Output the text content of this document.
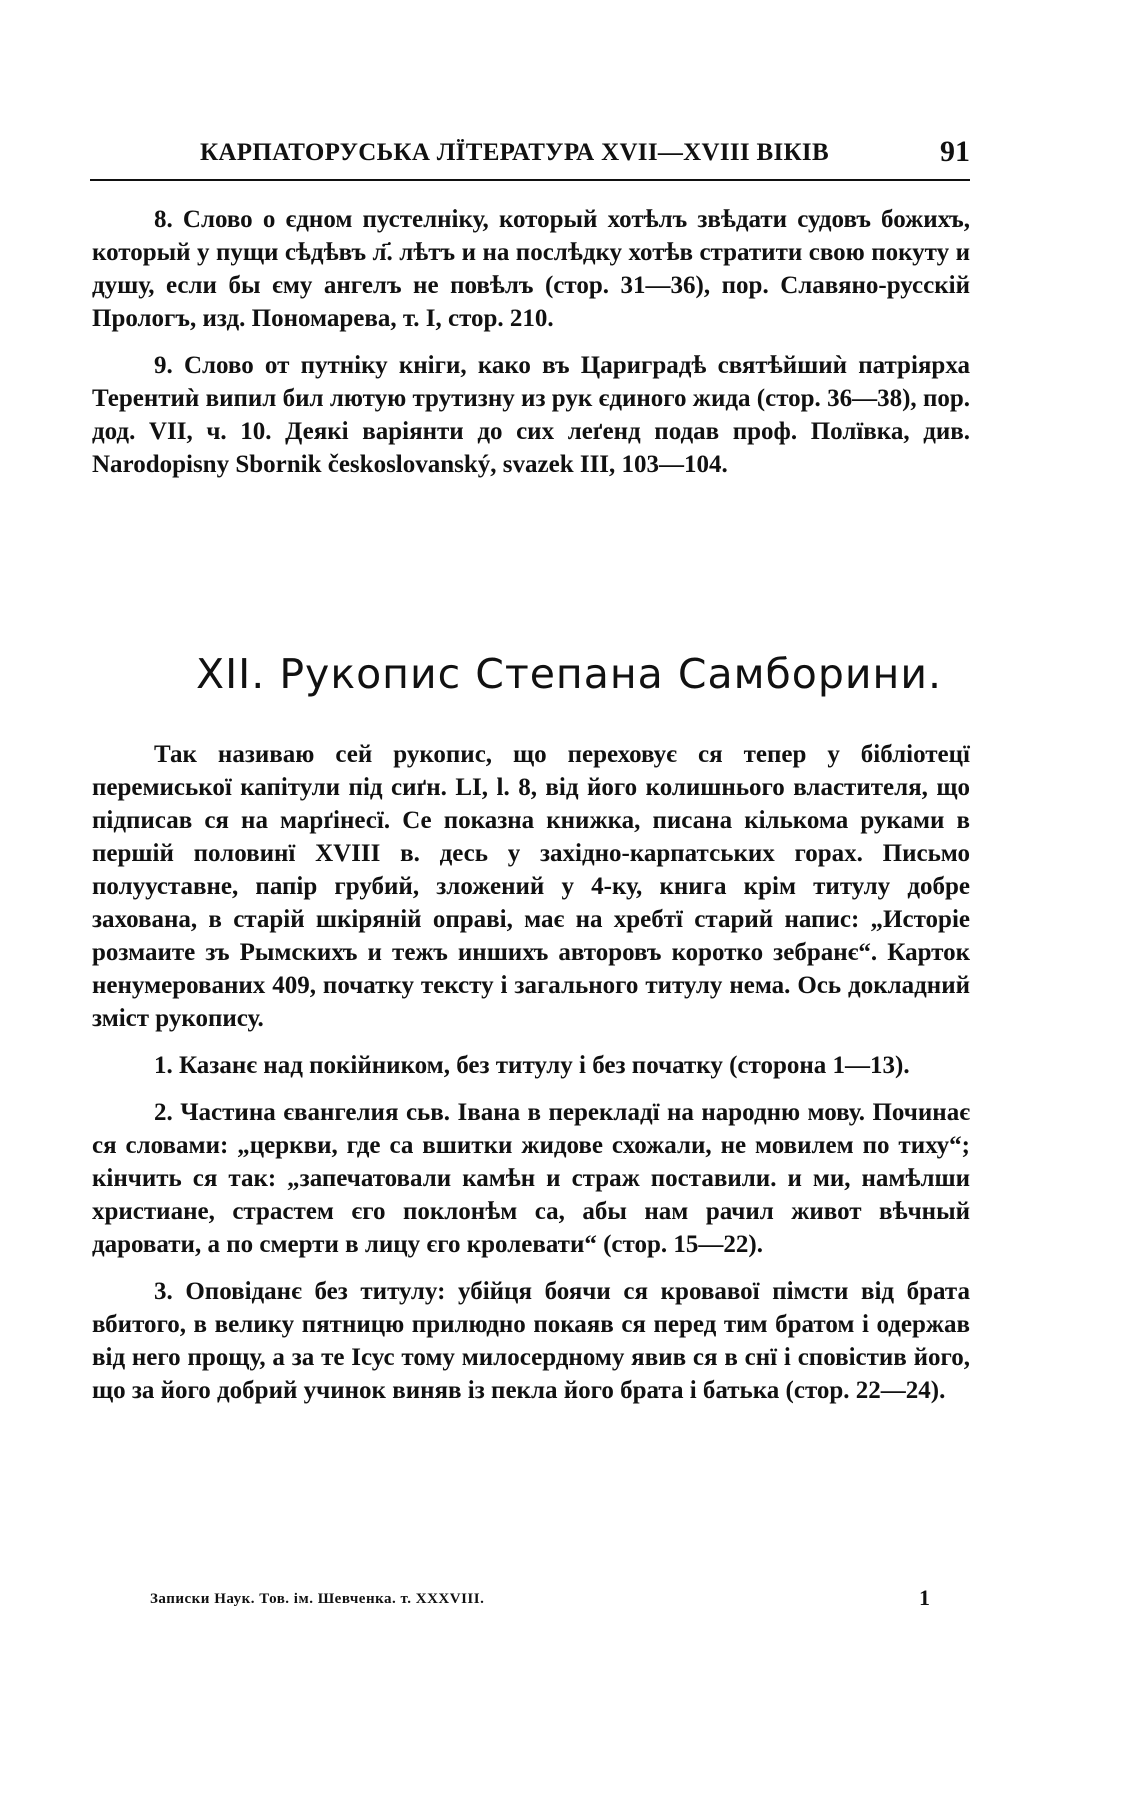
КАРПАТОРУСЬКА ЛЇТЕРАТУРА XVII—XVIII ВІКІВ	91

8. Слово о єдном пустелніку, который хотѣлъ звѣдати судовъ божихъ, который у пущи сѣдѣвъ л҃. лѣтъ и на послѣдку хотѣв стратити свою покуту и душу, если бы єму ангелъ не повѣлъ (стор. 31—36), пор. Славяно-русскій Прологъ, изд. Пономарева, т. I, стор. 210.

9. Слово от путніку кніги, како въ Цариградѣ святѣйшиѝ патріярха Терентиѝ випил бил лютую трутизну из рук єдиного жида (стор. 36—38), пор. дод. VII, ч. 10. Деякі варіянти до сих леґенд подав проф. Полївка, див. Narodopisny Sbornik českoslovanský, svazek III, 103—104.

XII. Рукопис Степана Самборини.

Так називаю сей рукопис, що переховує ся тепер у бібліотецї перемиської капітули під сиґн. LI, l. 8, від його колишнього властителя, що підписав ся на марґінесї. Се показна книжка, писана кількома руками в першій половинї XVIII в. десь у західно-карпатських горах. Письмо полууставне, папір грубий, зложений у 4-ку, книга крім титулу добре захована, в старій шкіряній оправі, має на хребтї старий напис: „Исторіе розмаите зъ Рымскихъ и тежъ иншихъ авторовъ коротко зебранє“. Карток ненумерованих 409, початку тексту і загального титулу нема. Ось докладний зміст рукопису.

1. Казанє над покійником, без титулу і без початку (сторона 1—13).

2. Частина євангелия сьв. Івана в перекладї на народню мову. Починає ся словами: „церкви, где са вшитки жидове схожали, не мовилем по тиху“; кінчить ся так: „запечатовали камѣн и страж поставили. и ми, намѣлши христиане, страстем єго поклонѣм са, абы нам рачил живот вѣчный даровати, а по смерти в лицу єго кролевати“ (стор. 15—22).

3. Оповіданє без титулу: убійця боячи ся кровавої пімсти від брата вбитого, в велику пятницю прилюдно покаяв ся перед тим братом і одержав від него прощу, а за те Ісус тому милосердному явив ся в снї і сповістив його, що за його добрий учинок виняв із пекла його брата і батька (стор. 22—24).

Записки Наук. Тов. ім. Шевченка. т. XXXVIII.	1
